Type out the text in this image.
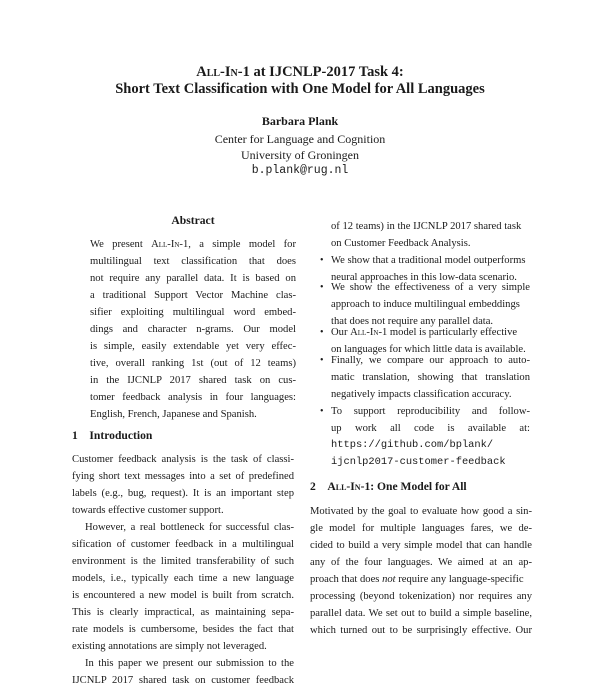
All-In-1 at IJCNLP-2017 Task 4:
Short Text Classification with One Model for All Languages
Barbara Plank
Center for Language and Cognition
University of Groningen
b.plank@rug.nl
Abstract
We present All-In-1, a simple model for
multilingual text classification that does
not require any parallel data. It is based on
a traditional Support Vector Machine clas-
sifier exploiting multilingual word embed-
dings and character n-grams. Our model
is simple, easily extendable yet very effec-
tive, overall ranking 1st (out of 12 teams)
in the IJCNLP 2017 shared task on cus-
tomer feedback analysis in four languages:
English, French, Japanese and Spanish.
1 Introduction
Customer feedback analysis is the task of classi-
fying short text messages into a set of predefined
labels (e.g., bug, request). It is an important step
towards effective customer support.
However, a real bottleneck for successful clas-
sification of customer feedback in a multilingual
environment is the limited transferability of such
models, i.e., typically each time a new language
is encountered a new model is built from scratch.
This is clearly impractical, as maintaining sepa-
rate models is cumbersome, besides the fact that
existing annotations are simply not leveraged.
In this paper we present our submission to the
IJCNLP 2017 shared task on customer feedback
of 12 teams) in the IJCNLP 2017 shared task
on Customer Feedback Analysis.
• We show that a traditional model outperforms
neural approaches in this low-data scenario.
• We show the effectiveness of a very simple
approach to induce multilingual embeddings
that does not require any parallel data.
• Our All-In-1 model is particularly effective
on languages for which little data is available.
• Finally, we compare our approach to auto-
matic translation, showing that translation
negatively impacts classification accuracy.
• To support reproducibility and follow-
up work all code is available at:
https://github.com/bplank/
ijcnlp2017-customer-feedback
2 All-In-1: One Model for All
Motivated by the goal to evaluate how good a sin-
gle model for multiple languages fares, we de-
cided to build a very simple model that can handle
any of the four languages. We aimed at an ap-
proach that does not require any language-specific
processing (beyond tokenization) nor requires any
parallel data. We set out to build a simple baseline,
which turned out to be surprisingly effective. Our
